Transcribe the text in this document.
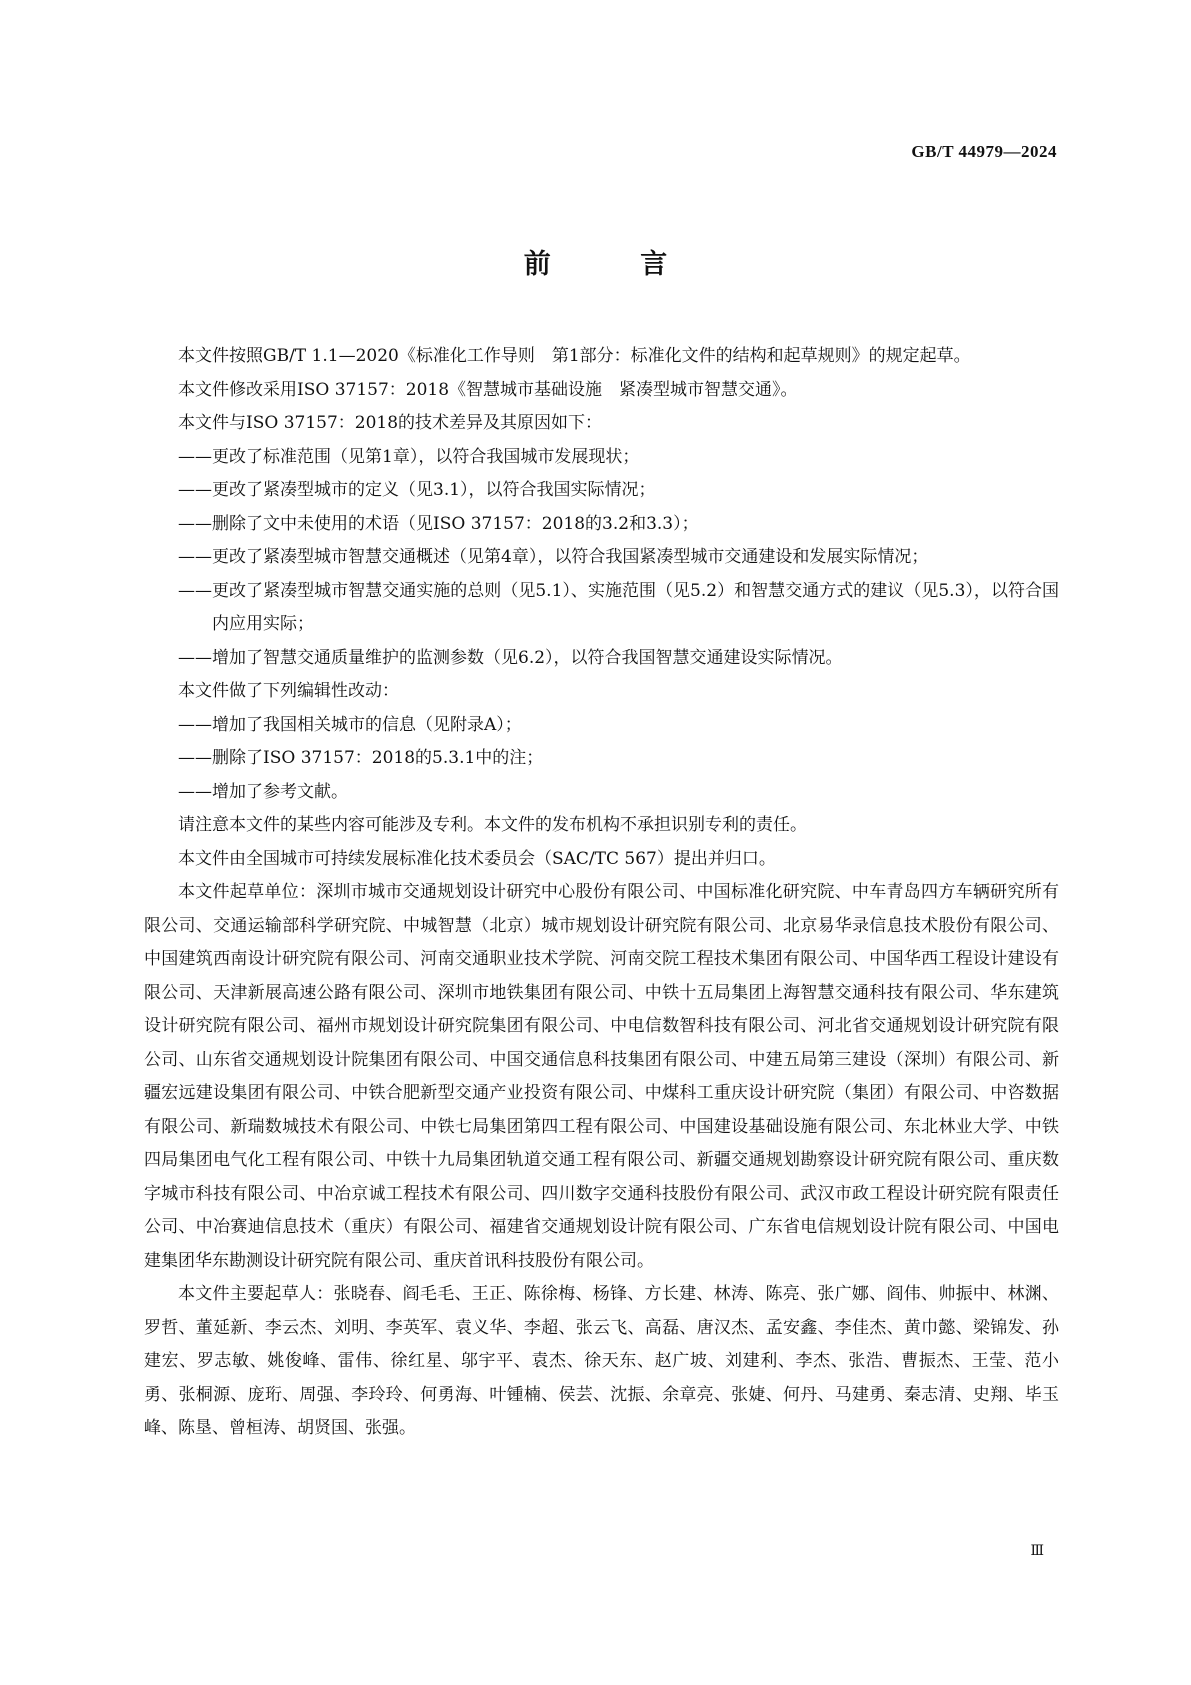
GB/T 44979—2024
前 言

本文件按照GB/T 1.1—2020《标准化工作导则　第1部分：标准化文件的结构和起草规则》的规定起草。

本文件修改采用ISO 37157：2018《智慧城市基础设施　紧凑型城市智慧交通》。

本文件与ISO 37157：2018的技术差异及其原因如下：

——更改了标准范围（见第1章），以符合我国城市发展现状；

——更改了紧凑型城市的定义（见3.1），以符合我国实际情况；

——删除了文中未使用的术语（见ISO 37157：2018的3.2和3.3）；

——更改了紧凑型城市智慧交通概述（见第4章），以符合我国紧凑型城市交通建设和发展实际情况；

——更改了紧凑型城市智慧交通实施的总则（见5.1）、实施范围（见5.2）和智慧交通方式的建议（见5.3），以符合国内应用实际；

——增加了智慧交通质量维护的监测参数（见6.2），以符合我国智慧交通建设实际情况。

本文件做了下列编辑性改动：

——增加了我国相关城市的信息（见附录A）；

——删除了ISO 37157：2018的5.3.1中的注；

——增加了参考文献。

请注意本文件的某些内容可能涉及专利。本文件的发布机构不承担识别专利的责任。

本文件由全国城市可持续发展标准化技术委员会（SAC/TC 567）提出并归口。

本文件起草单位：深圳市城市交通规划设计研究中心股份有限公司、中国标准化研究院、中车青岛四方车辆研究所有限公司、交通运输部科学研究院、中城智慧（北京）城市规划设计研究院有限公司、北京易华录信息技术股份有限公司、中国建筑西南设计研究院有限公司、河南交通职业技术学院、河南交院工程技术集团有限公司、中国华西工程设计建设有限公司、天津新展高速公路有限公司、深圳市地铁集团有限公司、中铁十五局集团上海智慧交通科技有限公司、华东建筑设计研究院有限公司、福州市规划设计研究院集团有限公司、中电信数智科技有限公司、河北省交通规划设计研究院有限公司、山东省交通规划设计院集团有限公司、中国交通信息科技集团有限公司、中建五局第三建设（深圳）有限公司、新疆宏远建设集团有限公司、中铁合肥新型交通产业投资有限公司、中煤科工重庆设计研究院（集团）有限公司、中咨数据有限公司、新瑞数城技术有限公司、中铁七局集团第四工程有限公司、中国建设基础设施有限公司、东北林业大学、中铁四局集团电气化工程有限公司、中铁十九局集团轨道交通工程有限公司、新疆交通规划勘察设计研究院有限公司、重庆数字城市科技有限公司、中冶京诚工程技术有限公司、四川数字交通科技股份有限公司、武汉市政工程设计研究院有限责任公司、中冶赛迪信息技术（重庆）有限公司、福建省交通规划设计院有限公司、广东省电信规划设计院有限公司、中国电建集团华东勘测设计研究院有限公司、重庆首讯科技股份有限公司。

本文件主要起草人：张晓春、阎毛毛、王正、陈徐梅、杨锋、方长建、林涛、陈亮、张广娜、阎伟、帅振中、林渊、罗哲、董延新、李云杰、刘明、李英军、袁义华、李超、张云飞、高磊、唐汉杰、孟安鑫、李佳杰、黄巾懿、梁锦发、孙建宏、罗志敏、姚俊峰、雷伟、徐红星、邬宇平、袁杰、徐天东、赵广坡、刘建利、李杰、张浩、曹振杰、王莹、范小勇、张桐源、庞珩、周强、李玲玲、何勇海、叶锺楠、侯芸、沈振、余章亮、张婕、何丹、马建勇、秦志清、史翔、毕玉峰、陈垦、曾桓涛、胡贤国、张强。

Ⅲ
